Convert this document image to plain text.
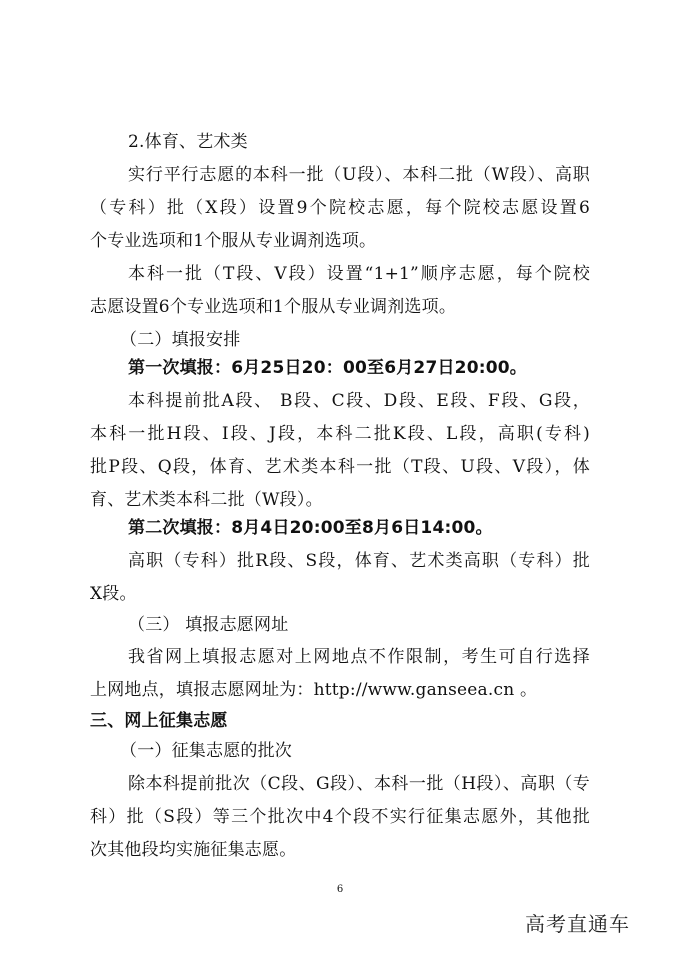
2.体育、艺术类
实行平行志愿的本科一批（U段）、本科二批（W段）、高职
（专科）批（X段）设置9个院校志愿，每个院校志愿设置6
个专业选项和1个服从专业调剂选项。
本科一批（T段、V段）设置“1+1”顺序志愿，每个院校
志愿设置6个专业选项和1个服从专业调剂选项。
（二）填报安排
第一次填报：6月25日20：00至6月27日20:00。
本科提前批A段、 B段、C段、D段、E段、F段、G段，
本科一批H段、I段、J段，本科二批K段、L段，高职(专科)
批P段、Q段，体育、艺术类本科一批（T段、U段、V段），体
育、艺术类本科二批（W段）。
第二次填报：8月4日20:00至8月6日14:00。
高职（专科）批R段、S段，体育、艺术类高职（专科）批
X段。
（三） 填报志愿网址
我省网上填报志愿对上网地点不作限制，考生可自行选择
上网地点，填报志愿网址为：http://www.ganseea.cn 。
三、网上征集志愿
（一）征集志愿的批次
除本科提前批次（C段、G段）、本科一批（H段）、高职（专
科）批（S段）等三个批次中4个段不实行征集志愿外，其他批
次其他段均实施征集志愿。
6
高考直通车
